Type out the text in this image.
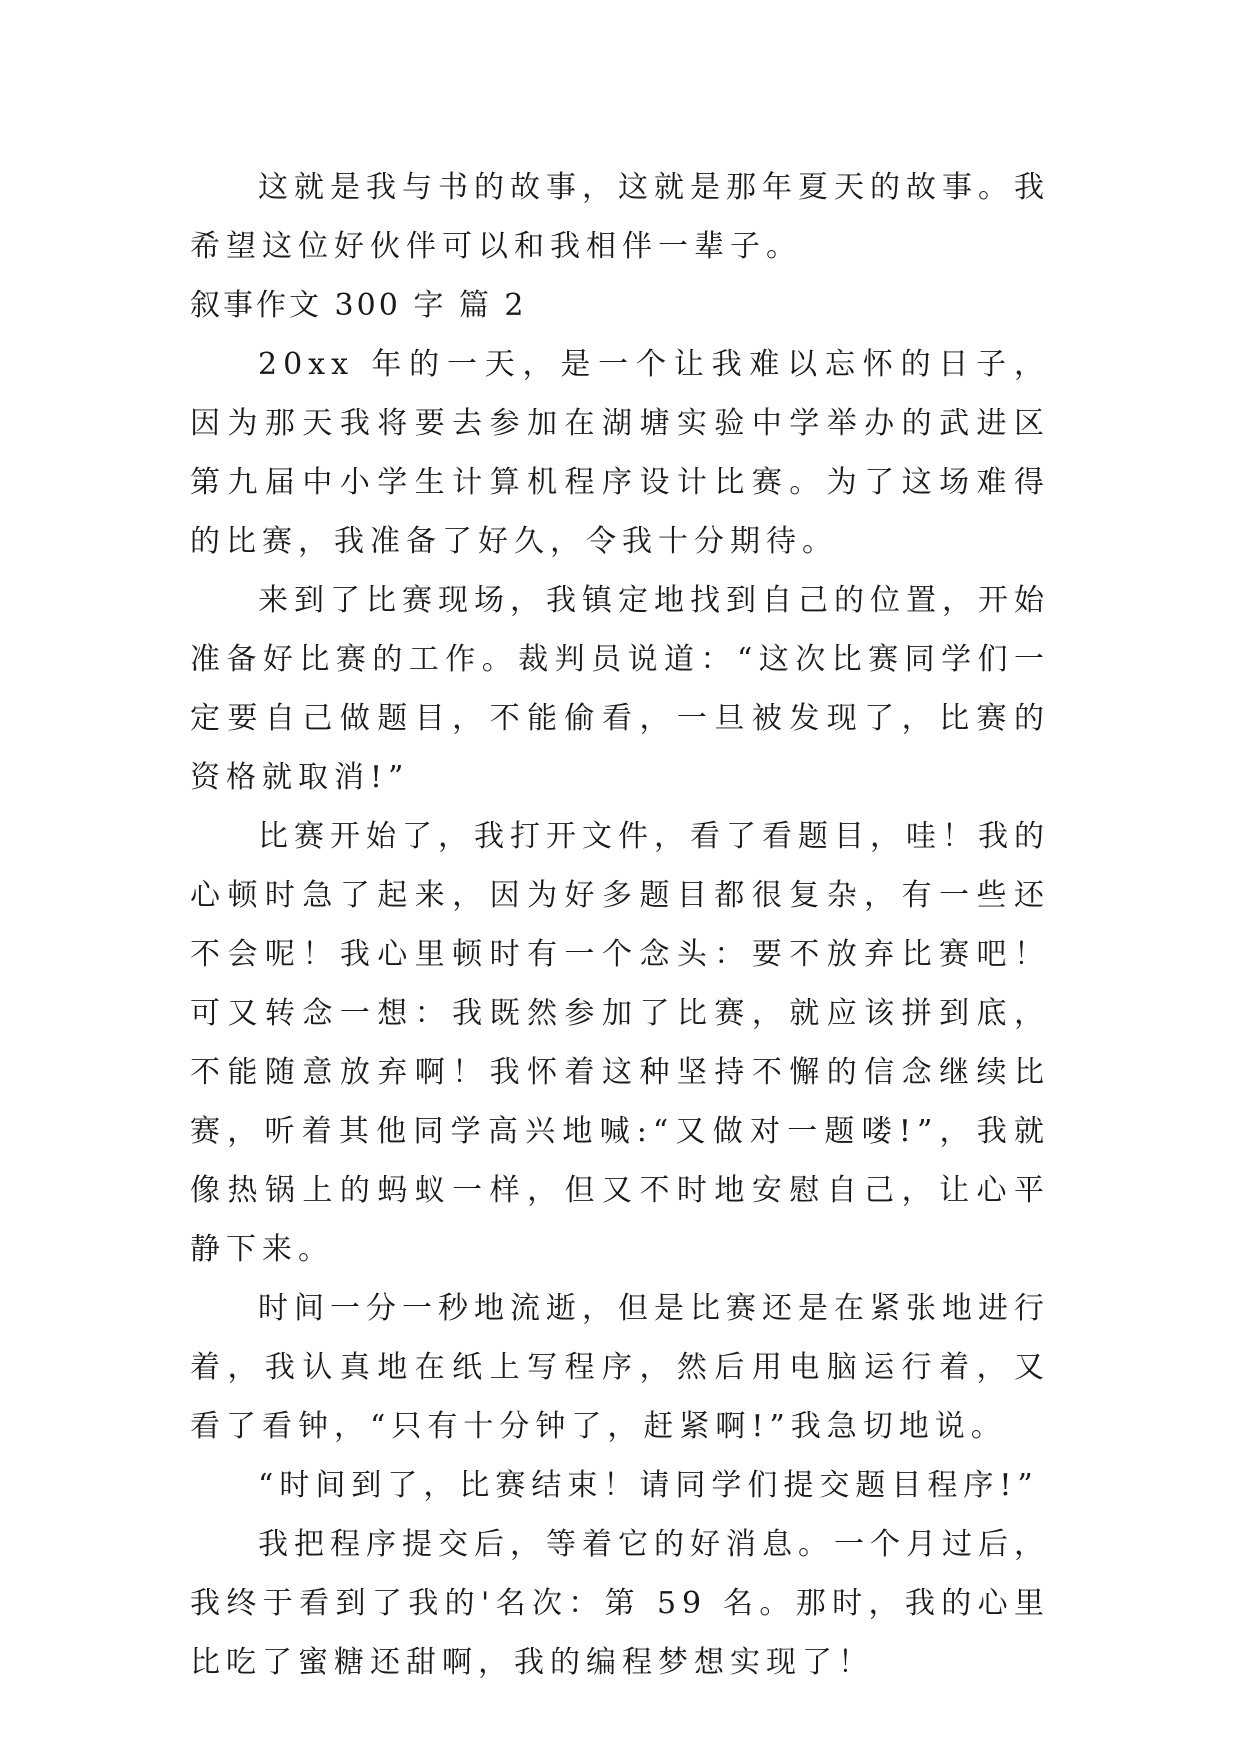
这就是我与书的故事，这就是那年夏天的故事。我希望这位好伙伴可以和我相伴一辈子。

叙事作文 300 字 篇 2

20xx 年的一天，是一个让我难以忘怀的日子，因为那天我将要去参加在湖塘实验中学举办的武进区第九届中小学生计算机程序设计比赛。为了这场难得的比赛，我准备了好久，令我十分期待。

来到了比赛现场，我镇定地找到自己的位置，开始准备好比赛的工作。裁判员说道：“这次比赛同学们一定要自己做题目，不能偷看，一旦被发现了，比赛的资格就取消!”

比赛开始了，我打开文件，看了看题目，哇！我的心顿时急了起来，因为好多题目都很复杂，有一些还不会呢！我心里顿时有一个念头：要不放弃比赛吧！可又转念一想：我既然参加了比赛，就应该拼到底，不能随意放弃啊！我怀着这种坚持不懈的信念继续比赛，听着其他同学高兴地喊:“又做对一题喽!”，我就像热锅上的蚂蚁一样，但又不时地安慰自己，让心平静下来。

时间一分一秒地流逝，但是比赛还是在紧张地进行着，我认真地在纸上写程序，然后用电脑运行着，又看了看钟，“只有十分钟了，赶紧啊!”我急切地说。

“时间到了，比赛结束！请同学们提交题目程序!”

我把程序提交后，等着它的好消息。一个月过后，我终于看到了我的'名次：第 59 名。那时，我的心里比吃了蜜糖还甜啊，我的编程梦想实现了！
